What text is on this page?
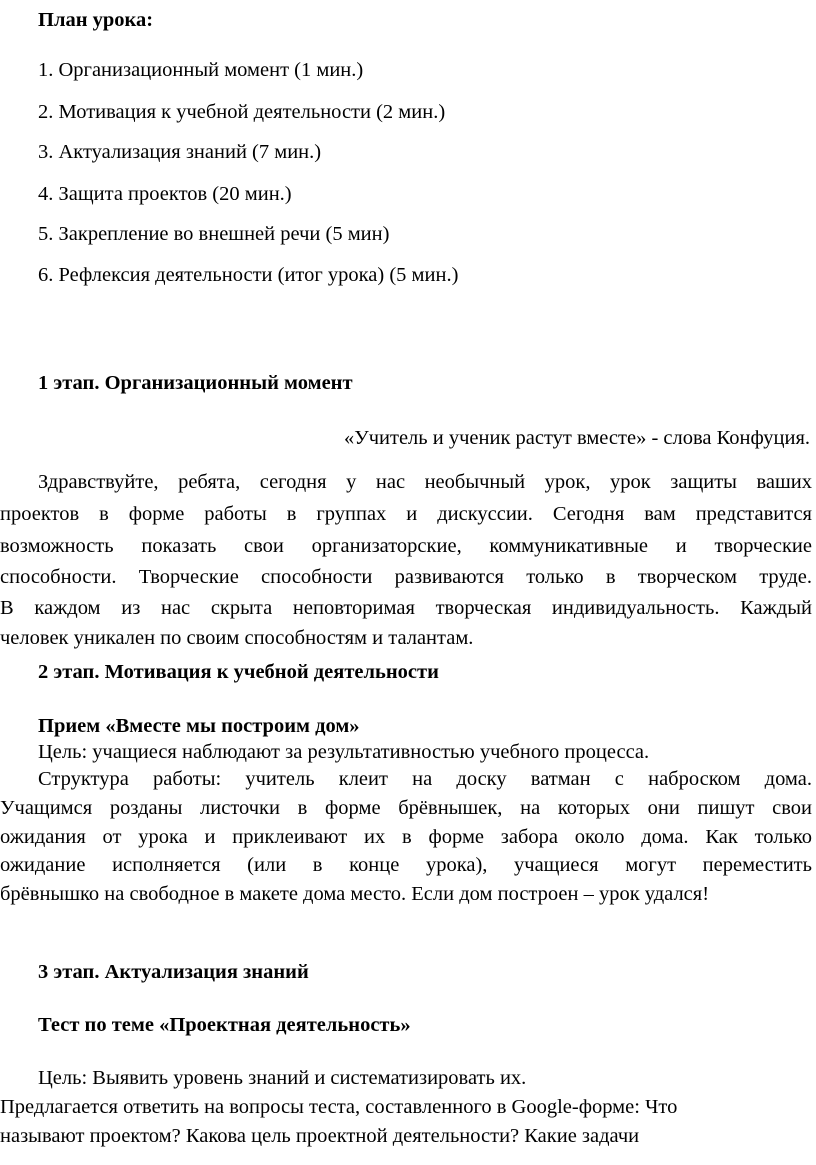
План урока:
1. Организационный момент (1 мин.)
2. Мотивация к учебной деятельности (2 мин.)
3. Актуализация знаний (7 мин.)
4. Защита проектов (20 мин.)
5. Закрепление во внешней речи (5 мин)
6. Рефлексия деятельности (итог урока) (5 мин.)
1 этап. Организационный момент
«Учитель и ученик растут вместе» - слова Конфуция.
Здравствуйте, ребята, сегодня у нас необычный урок, урок защиты ваших
проектов в форме работы в группах и дискуссии. Сегодня вам представится
возможность показать свои организаторские, коммуникативные и творческие
способности. Творческие способности развиваются только в творческом труде.
В каждом из нас скрыта неповторимая творческая индивидуальность. Каждый
человек уникален по своим способностям и талантам.
2 этап. Мотивация к учебной деятельности
Прием «Вместе мы построим дом»
Цель: учащиеся наблюдают за результативностью учебного процесса.
Структура работы: учитель клеит на доску ватман с наброском дома.
Учащимся розданы листочки в форме брёвнышек, на которых они пишут свои
ожидания от урока и приклеивают их в форме забора около дома. Как только
ожидание исполняется (или в конце урока), учащиеся могут переместить
брёвнышко на свободное в макете дома место. Если дом построен – урок удался!
3 этап. Актуализация знаний
Тест по теме «Проектная деятельность»
Цель: Выявить уровень знаний и систематизировать их.
Предлагается ответить на вопросы теста, составленного в Google-форме: Что
называют проектом? Какова цель проектной деятельности? Какие задачи
